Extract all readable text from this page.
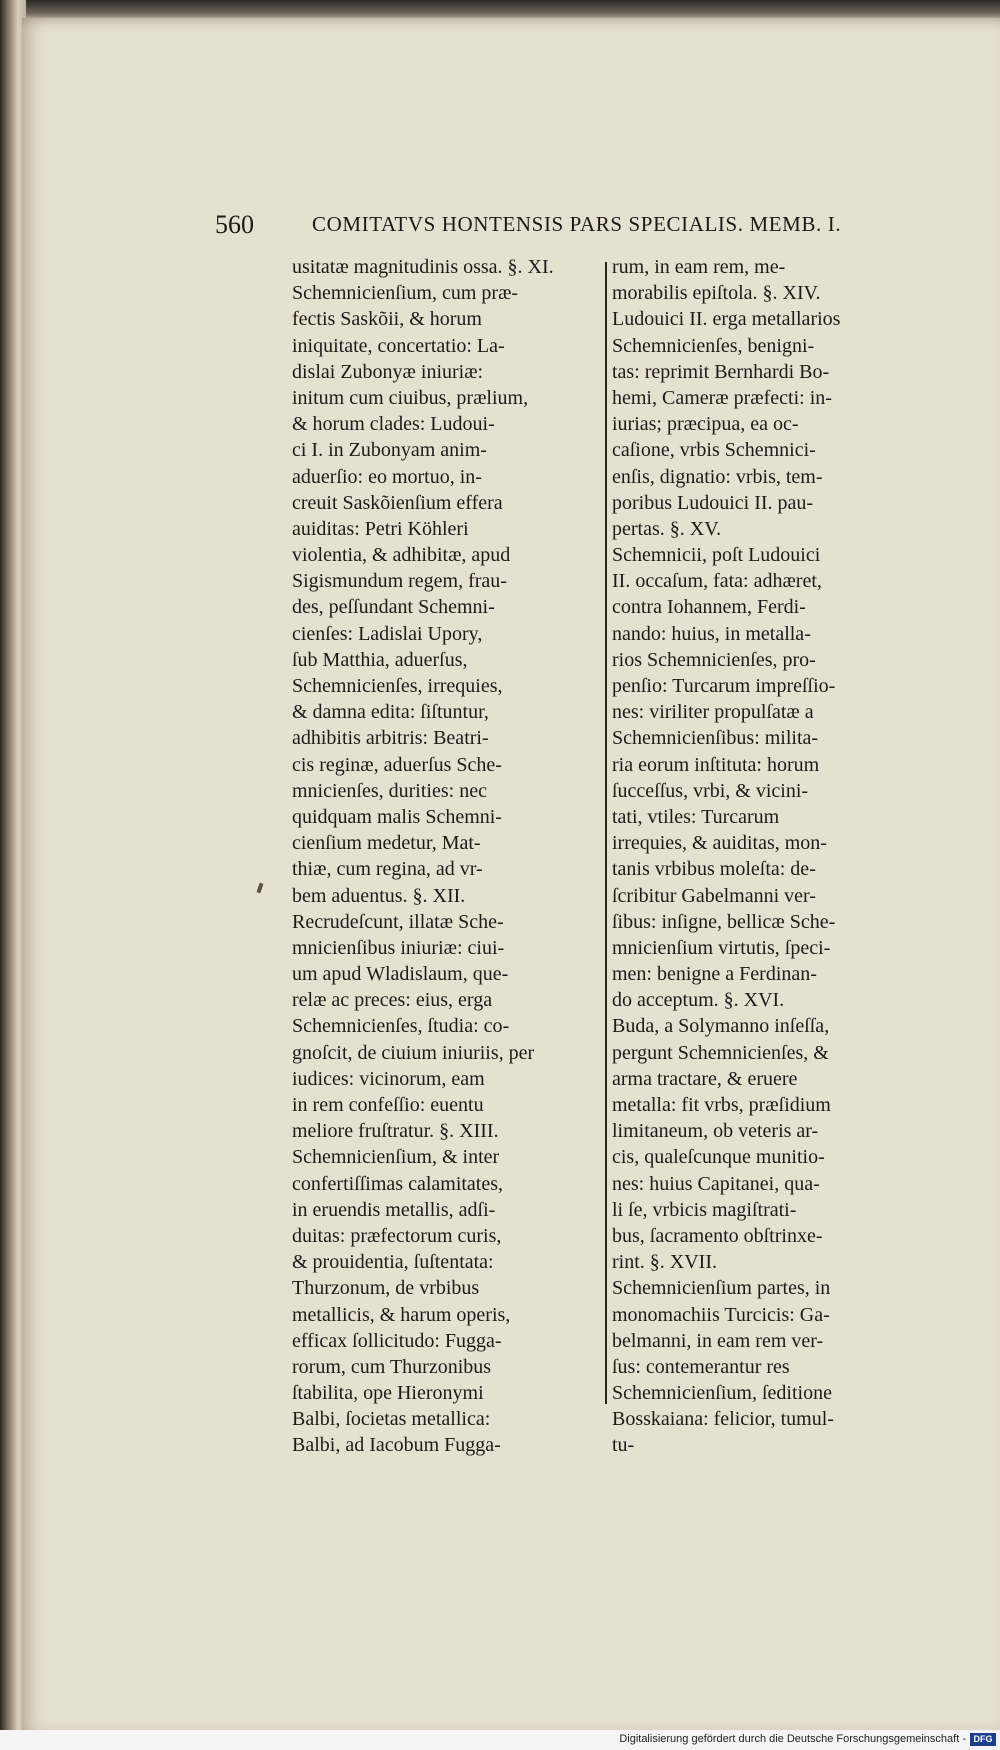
560	COMITATVS HONTENSIS PARS SPECIALIS. MEMB. I.
usitatæ magnitudinis ossa. §. XI.
Schemnicienſium, cum præ-
fectis Saskõii, & horum
iniquitate, concertatio: La-
dislai Zubonyæ iniuriæ:
initum cum ciuibus, prælium,
& horum clades: Ludoui-
ci I. in Zubonyam anim-
aduerſio: eo mortuo, in-
creuit Saskõienſium effera
auiditas: Petri Köhleri
violentia, & adhibitæ, apud
Sigismundum regem, frau-
des, peſſundant Schemni-
cienſes: Ladislai Upory,
ſub Matthia, aduerſus,
Schemnicienſes, irrequies,
& damna edita: ſiſtuntur,
adhibitis arbitris: Beatri-
cis reginæ, aduerſus Sche-
mnicienſes, durities: nec
quidquam malis Schemni-
cienſium medetur, Mat-
thiæ, cum regina, ad vr-
bem aduentus. §. XII.
Recrudeſcunt, illatæ Sche-
mnicienſibus iniuriæ: ciui-
um apud Wladislaum, que-
relæ ac preces: eius, erga
Schemnicienſes, ſtudia: co-
gnoſcit, de ciuium iniuriis, per
iudices: vicinorum, eam
in rem confeſſio: euentu
meliore fruſtratur. §. XIII.
Schemnicienſium, & inter
confertiſſimas calamitates,
in eruendis metallis, adſi-
duitas: præfectorum curis,
& prouidentia, ſuſtentata:
Thurzonum, de vrbibus
metallicis, & harum operis,
efficax ſollicitudo: Fugga-
rorum, cum Thurzonibus
ſtabilita, ope Hieronymi
Balbi, ſocietas metallica:
Balbi, ad Iacobum Fugga-
rum, in eam rem, me-
morabilis epiſtola. §. XIV.
Ludouici II. erga metallarios
Schemnicienſes, benigni-
tas: reprimit Bernhardi Bo-
hemi, Cameræ præfecti: in-
iurias; præcipua, ea oc-
caſione, vrbis Schemnici-
enſis, dignatio: vrbis, tem-
poribus Ludouici II. pau-
pertas. §. XV.
Schemnicii, poſt Ludouici
II. occaſum, fata: adhæret,
contra Iohannem, Ferdi-
nando: huius, in metalla-
rios Schemnicienſes, pro-
penſio: Turcarum impreſſio-
nes: viriliter propulſatæ a
Schemnicienſibus: milita-
ria eorum inſtituta: horum
ſucceſſus, vrbi, & vicini-
tati, vtiles: Turcarum
irrequies, & auiditas, mon-
tanis vrbibus moleſta: de-
ſcribitur Gabelmanni ver-
ſibus: inſigne, bellicæ Sche-
mnicienſium virtutis, ſpeci-
men: benigne a Ferdinan-
do acceptum. §. XVI.
Buda, a Solymanno inſeſſa,
pergunt Schemnicienſes, &
arma tractare, & eruere
metalla: fit vrbs, præſidium
limitaneum, ob veteris ar-
cis, qualeſcunque munitio-
nes: huius Capitanei, qua-
li ſe, vrbicis magiſtrati-
bus, ſacramento obſtrinxe-
rint. §. XVII.
Schemnicienſium partes, in
monomachiis Turcicis: Ga-
belmanni, in eam rem ver-
ſus: contemerantur res
Schemnicienſium, ſeditione
Bosskaiana: felicior, tumul-
tu-
Digitalisierung gefördert durch die Deutsche Forschungsgemeinschaft - DFG
